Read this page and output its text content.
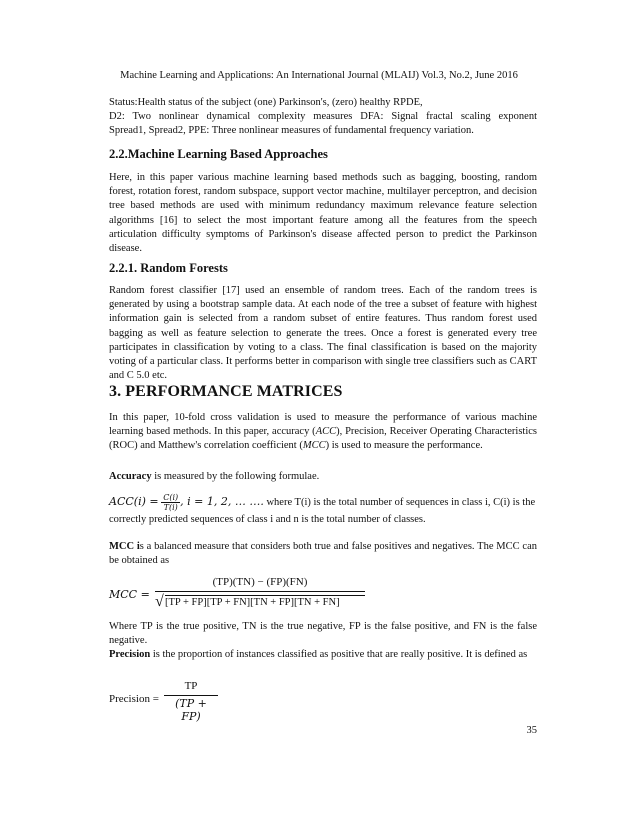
Machine Learning and Applications: An International Journal (MLAIJ) Vol.3, No.2, June 2016
Status:Health status of the subject (one) Parkinson's, (zero) healthy RPDE,
D2: Two nonlinear dynamical complexity measures DFA: Signal fractal scaling exponent
Spread1, Spread2, PPE: Three nonlinear measures of fundamental frequency variation.
2.2.Machine Learning Based Approaches
Here, in this paper various machine learning based methods such as bagging, boosting, random forest, rotation forest, random subspace, support vector machine, multilayer perceptron, and decision tree based methods are used with minimum redundancy maximum relevance feature selection algorithms [16] to select the most important feature among all the features from the speech articulation difficulty symptoms of Parkinson's disease affected person to predict the Parkinson disease.
2.2.1. Random Forests
Random forest classifier [17] used an ensemble of random trees. Each of the random trees is generated by using a bootstrap sample data. At each node of the tree a subset of feature with highest information gain is selected from a random subset of entire features. Thus random forest used bagging as well as feature selection to generate the trees. Once a forest is generated every tree participates in classification by voting to a class. The final classification is based on the majority voting of a particular class. It performs better in comparison with single tree classifiers such as CART and C 5.0 etc.
3. PERFORMANCE MATRICES
In this paper, 10-fold cross validation is used to measure the performance of various machine learning based methods. In this paper, accuracy (ACC), Precision, Receiver Operating Characteristics (ROC) and Matthew's correlation coefficient (MCC) is used to measure the performance.
Accuracy is measured by the following formulae.
$ACC(i) = \frac{C(i)}{T(i)}$ , i = 1, 2, … …. where T(i) is the total number of sequences in class i, C(i) is the
correctly predicted sequences of class i and n is the total number of classes.
MCC is a balanced measure that considers both true and false positives and negatives. The MCC can be obtained as
MCC =
(TP)(TN) − (FP)(FN)
√ [TP + FP][TP + FN][TN + FP][TN + FN]
Where TP is the true positive, TN is the true negative, FP is the false positive, and FN is the false negative.
Precision is the proportion of instances classified as positive that are really positive. It is defined as
Precision =
TP
(TP + FP)
35
